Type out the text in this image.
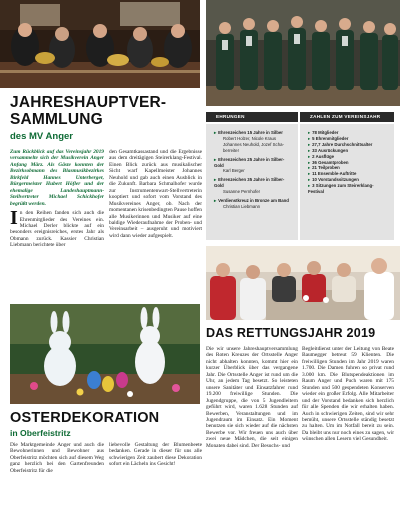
JAHRESHAUPTVER-
SAMMLUNG
des MV Anger

Zum Rückblick auf das Vereinsjahr 2019 versammelte sich der Musikverein Anger Anfang März. Als Gäste konnten der Bezirksobmann des Blasmusikbezirkes Birkfeld Hannes Unterberger, Bürgermeister Hubert Höfler und der ehemalige Landeshauptmann-Stellvertreter Michael Schickhofer begrüßt werden.

In den Reihen fanden sich auch die Ehrenmitglieder des Vereines ein. Michael Derler blickte auf ein besonders ereignisreiches, erstes Jahr als Obmann zurück. Kassier Christian Liebmann berichtete über

den Gesamtkassastand und die Ergebnisse aus dem dreitägigen Steirerklang-Festival. Einen Blick zurück aus musikalischer Sicht warf Kapellmeister Johannes Neuhold und gab auch einen Ausblick in die Zukunft. Barbara Schmalhofer wurde zur Instrumentenwart-Stellvertreterin kooptiert und sofort vom Vorstand des Musikvereines Anger, ob. Nach der momentanen krisenbedingten Pause hoffen alle Musikerinnen und Musiker auf eine baldige Wiederaufnahme der Proben- und Vereinsarbeit – ausgeruht und motiviert wird dann wieder aufgespielt.

EHRUNGEN	ZAHLEN ZUM VEREINSJAHR
▸ Ehrenzeichen 15 Jahre in Silber
Robert Holzer, Nicole Kraus
Johannes Neuhold, Jozef Scha-
berreiter
▸ Ehrenzeichen 25 Jahre in Silber-Gold
Karl Berger
▸ Ehrenzeichen 35 Jahre in Silber-Gold
Susanne Pernhofer
▸ Verdienstkreuz in Bronze am Band
Christian Liebmann
▸ 78 Mitglieder
▸ 5 Ehrenmitglieder
▸ 27,7 Jahre Durchschnittsalter
▸ 33 Ausrückungen
▸ 2 Ausflüge
▸ 36 Gesamtproben
▸ 21 Teilproben
▸ 11 Ensemble-Auftritte
▸ 10 Vorstandssitzungen
▸ 3 Sitzungen zum Steirerklang-Festival
DAS RETTUNGSJAHR 2019

Die wir unsere Jahreshauptversammlung des Roten Kreuzes der Ortsstelle Anger nicht abhalten konnten, kommt hier ein kurzer Überblick über das vergangene Jahr. Die Ortsstelle Anger ist rund um die Uhr, an jedem Tag besetzt. So leisteten unsere Sanitäter und Einsatzfahrer rund 19.200 freiwillige Stunden. Die Jugendgruppe, die von 5 Jugendleitern geführt wird, waren 1.628 Stunden auf Bewerben, Veranstaltungen und im Jugendraum im Einsatz. Ein Moment benutzen sie sich wieder auf die nächsten Bewerbe vor. Wir freuen uns auch über zwei neue Mädchen, die seit einigen Monaten dabei sind. Der Besuchs- und

Begleitdienst unter der Leitung von Beate Baumegger betreut 59 Klienten. Die freiwilligen Stunden im Jahr 2019 waren 1.700. Die Damen fuhren so privat rund 3.000 km. Die Blutspendeaktionen im Raum Anger und Puch waren mit 175 Stunden und 500 gespendeten Konserven wieder ein großer Erfolg. Alle Mitarbeiter und der Vorstand bedanken sich herzlich für alle Spenden die wir erhalten haben. Auch in schwierigen Zeiten, sind wir sehr bemüht, unsere Ortsstelle ständig besetzt zu halten. Um im Notfall bereit zu sein. Da bleibt uns nur noch eines zu sagen, wir wünschen allen Lesern viel Gesundheit.

OSTERDEKORATION
in Oberfeistritz

Die Marktgemeinde Anger und auch die Bewohnerinnen und Bewohner aus Oberfeistritz möchten sich auf diesem Weg ganz herzlich bei den Gartenfreunden Oberfeistritz für die

liebevolle Gestaltung der Blumenbeete bedanken. Gerade in dieser für uns alle schwierigen Zeit zaubert diese Dekoration sofort ein Lächeln ins Gesicht!
